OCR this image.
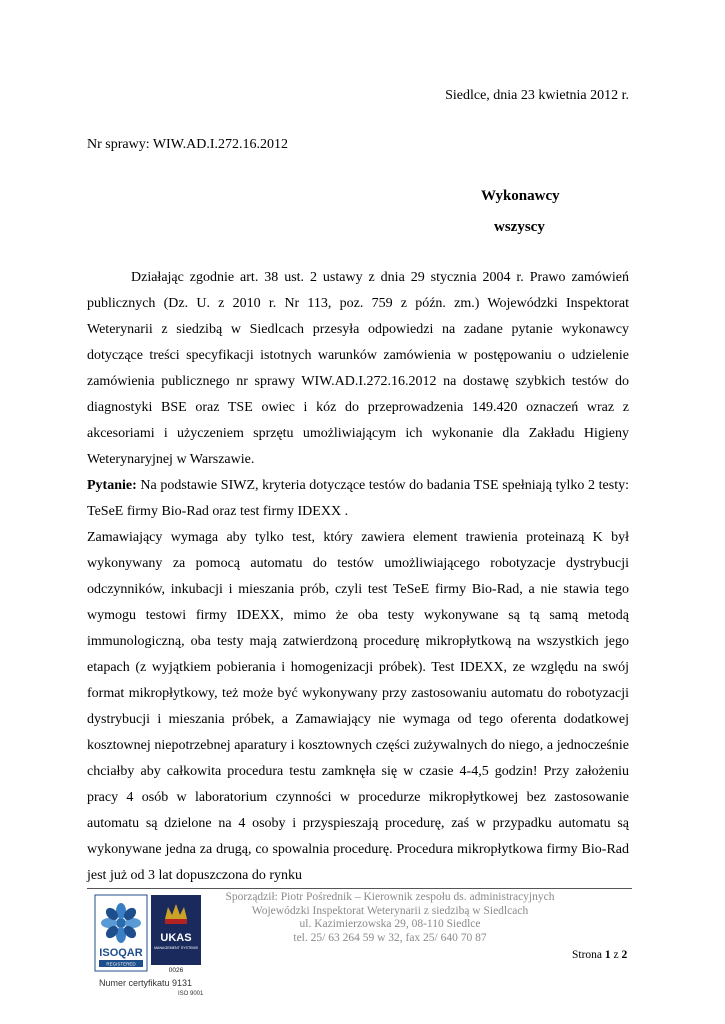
Siedlce, dnia 23 kwietnia 2012 r.
Nr sprawy: WIW.AD.I.272.16.2012
Wykonawcy
wszyscy

Działając zgodnie art. 38 ust. 2 ustawy z dnia 29 stycznia 2004 r. Prawo zamówień publicznych (Dz. U. z 2010 r. Nr 113, poz. 759 z późn. zm.) Wojewódzki Inspektorat Weterynarii z siedzibą w Siedlcach przesyła odpowiedzi na zadane pytanie wykonawcy dotyczące treści specyfikacji istotnych warunków zamówienia w postępowaniu o udzielenie zamówienia publicznego nr sprawy WIW.AD.I.272.16.2012 na dostawę szybkich testów do diagnostyki BSE oraz TSE owiec i kóz do przeprowadzenia 149.420 oznaczeń wraz z akcesoriami i użyczeniem sprzętu umożliwiającym ich wykonanie dla Zakładu Higieny Weterynaryjnej w Warszawie.

Pytanie: Na podstawie SIWZ, kryteria dotyczące testów do badania TSE spełniają tylko 2 testy: TeSeE firmy Bio-Rad oraz test firmy IDEXX .

Zamawiający wymaga aby tylko test, który zawiera element trawienia proteinazą K był wykonywany za pomocą automatu do testów umożliwiającego robotyzacje dystrybucji odczynników, inkubacji i mieszania prób, czyli test TeSeE firmy Bio-Rad, a nie stawia tego wymogu testowi firmy IDEXX, mimo że oba testy wykonywane są tą samą metodą immunologiczną, oba testy mają zatwierdzoną procedurę mikropłytkową na wszystkich jego etapach (z wyjątkiem pobierania i homogenizacji próbek). Test IDEXX, ze względu na swój format mikropłytkowy, też może być wykonywany przy zastosowaniu automatu do robotyzacji dystrybucji i mieszania próbek, a Zamawiający nie wymaga od tego oferenta dodatkowej kosztownej niepotrzebnej aparatury i kosztownych części zużywalnych do niego, a jednocześnie chciałby aby całkowita procedura testu zamknęła się w czasie 4-4,5 godzin! Przy założeniu pracy 4 osób w laboratorium czynności w procedurze mikropłytkowej bez zastosowanie automatu są dzielone na 4 osoby i przyspieszają procedurę, zaś w przypadku automatu są wykonywane jedna za drugą, co spowalnia procedurę. Procedura mikropłytkowa firmy Bio-Rad jest już od 3 lat dopuszczona do rynku

Sporządził: Piotr Pośrednik – Kierownik zespołu ds. administracyjnych
Wojewódzki Inspektorat Weterynarii z siedzibą w Siedlcach
ul. Kazimierzowska 29, 08-110 Siedlce
tel. 25/ 63 264 59 w 32, fax 25/ 640 70 87
Strona 1 z 2
ISOQAR
REGISTERED
UKAS
MANAGEMENT SYSTEMS
0026
Numer certyfikatu 9131
ISO 9001
